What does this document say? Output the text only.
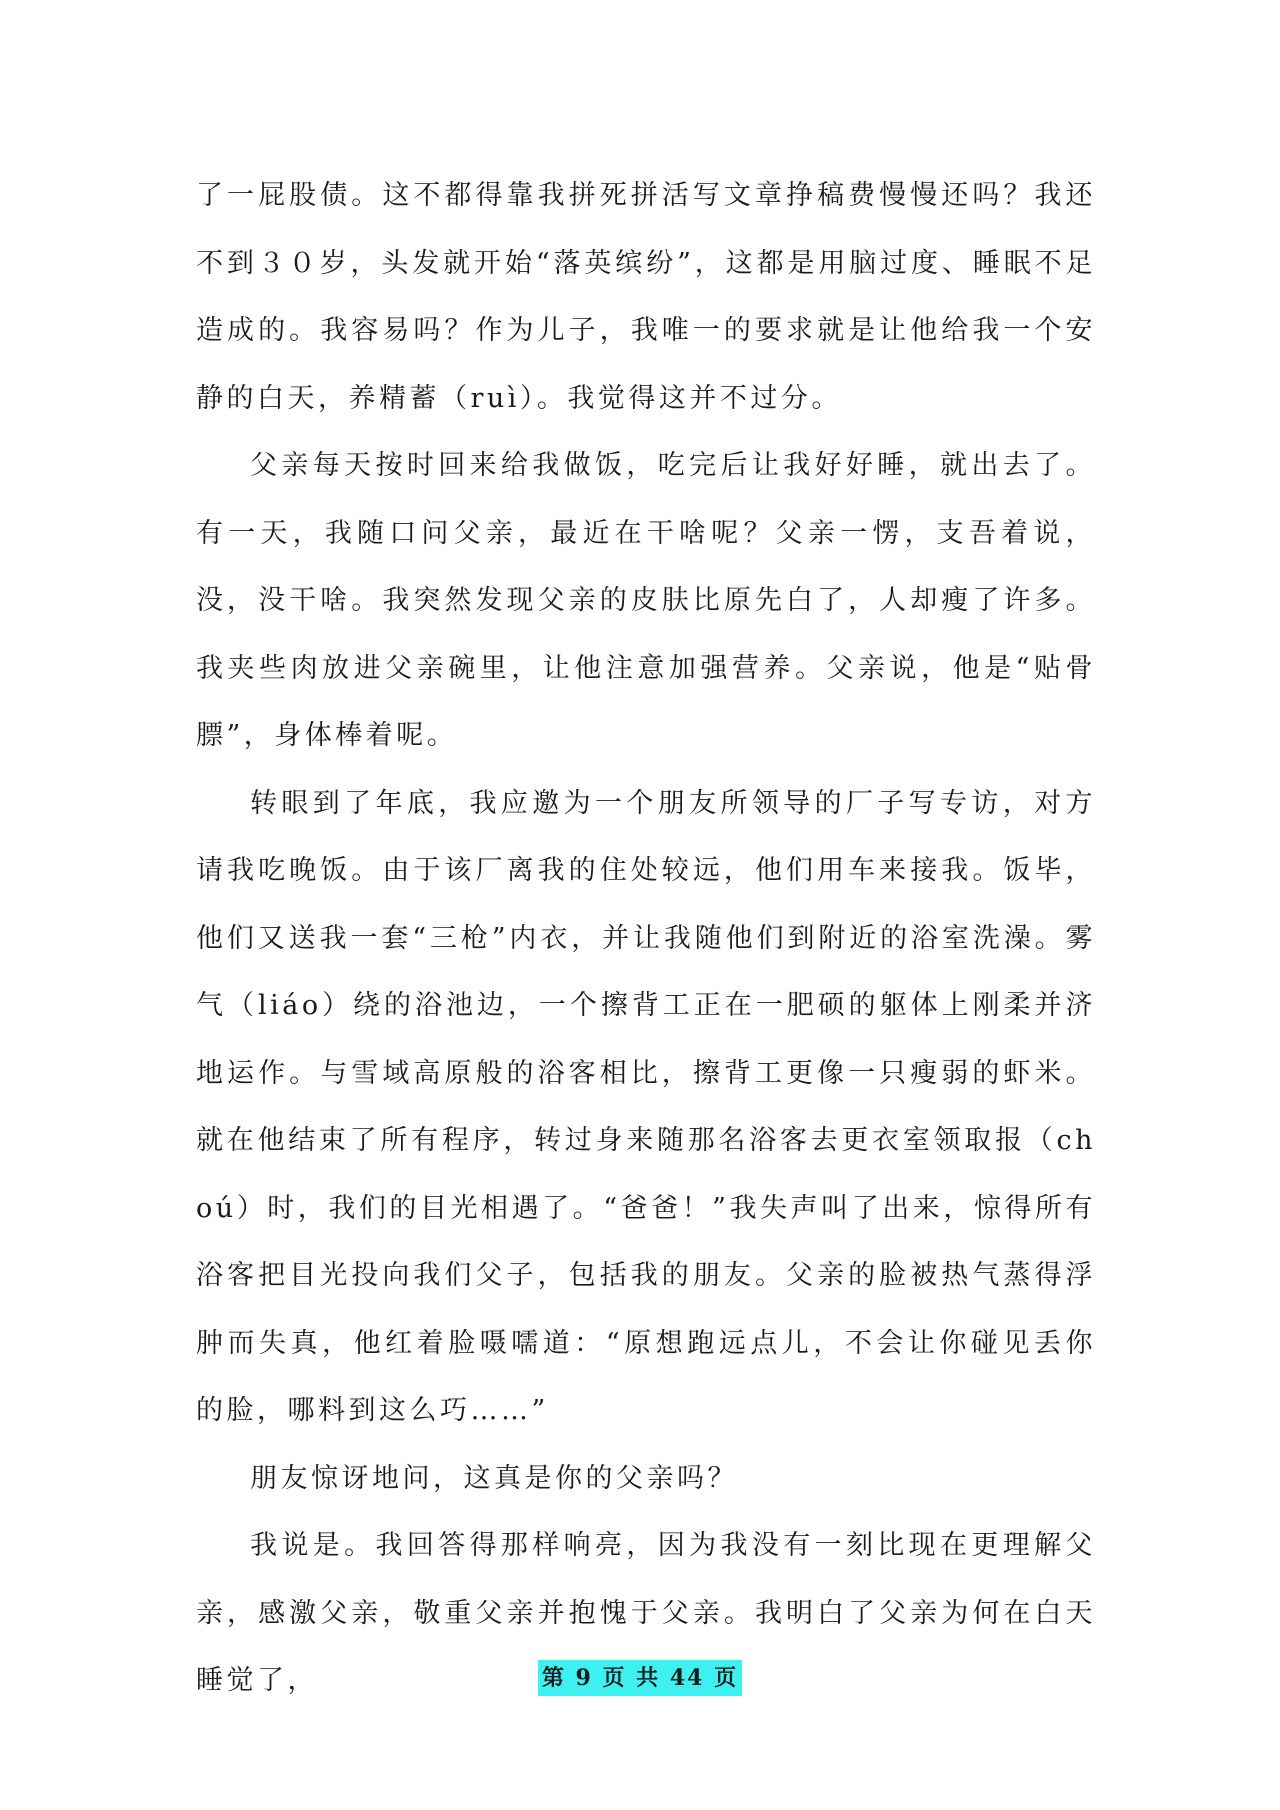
了一屁股债。这不都得靠我拼死拼活写文章挣稿费慢慢还吗？我还不到３０岁，头发就开始“落英缤纷”，这都是用脑过度、睡眠不足造成的。我容易吗？作为儿子，我唯一的要求就是让他给我一个安静的白天，养精蓄（ruì）。我觉得这并不过分。

父亲每天按时回来给我做饭，吃完后让我好好睡，就出去了。有一天，我随口问父亲，最近在干啥呢？父亲一愣，支吾着说，没，没干啥。我突然发现父亲的皮肤比原先白了，人却瘦了许多。我夹些肉放进父亲碗里，让他注意加强营养。父亲说，他是“贴骨膘”，身体棒着呢。

转眼到了年底，我应邀为一个朋友所领导的厂子写专访，对方请我吃晚饭。由于该厂离我的住处较远，他们用车来接我。饭毕，他们又送我一套“三枪”内衣，并让我随他们到附近的浴室洗澡。雾气（liáo）绕的浴池边，一个擦背工正在一肥硕的躯体上刚柔并济地运作。与雪域高原般的浴客相比，擦背工更像一只瘦弱的虾米。就在他结束了所有程序，转过身来随那名浴客去更衣室领取报（choú）时，我们的目光相遇了。“爸爸！”我失声叫了出来，惊得所有浴客把目光投向我们父子，包括我的朋友。父亲的脸被热气蒸得浮肿而失真，他红着脸嗫嚅道：“原想跑远点儿，不会让你碰见丢你的脸，哪料到这么巧……”

朋友惊讶地问，这真是你的父亲吗？

我说是。我回答得那样响亮，因为我没有一刻比现在更理解父亲，感激父亲，敬重父亲并抱愧于父亲。我明白了父亲为何在白天睡觉了，	第 9 页 共 44 页
